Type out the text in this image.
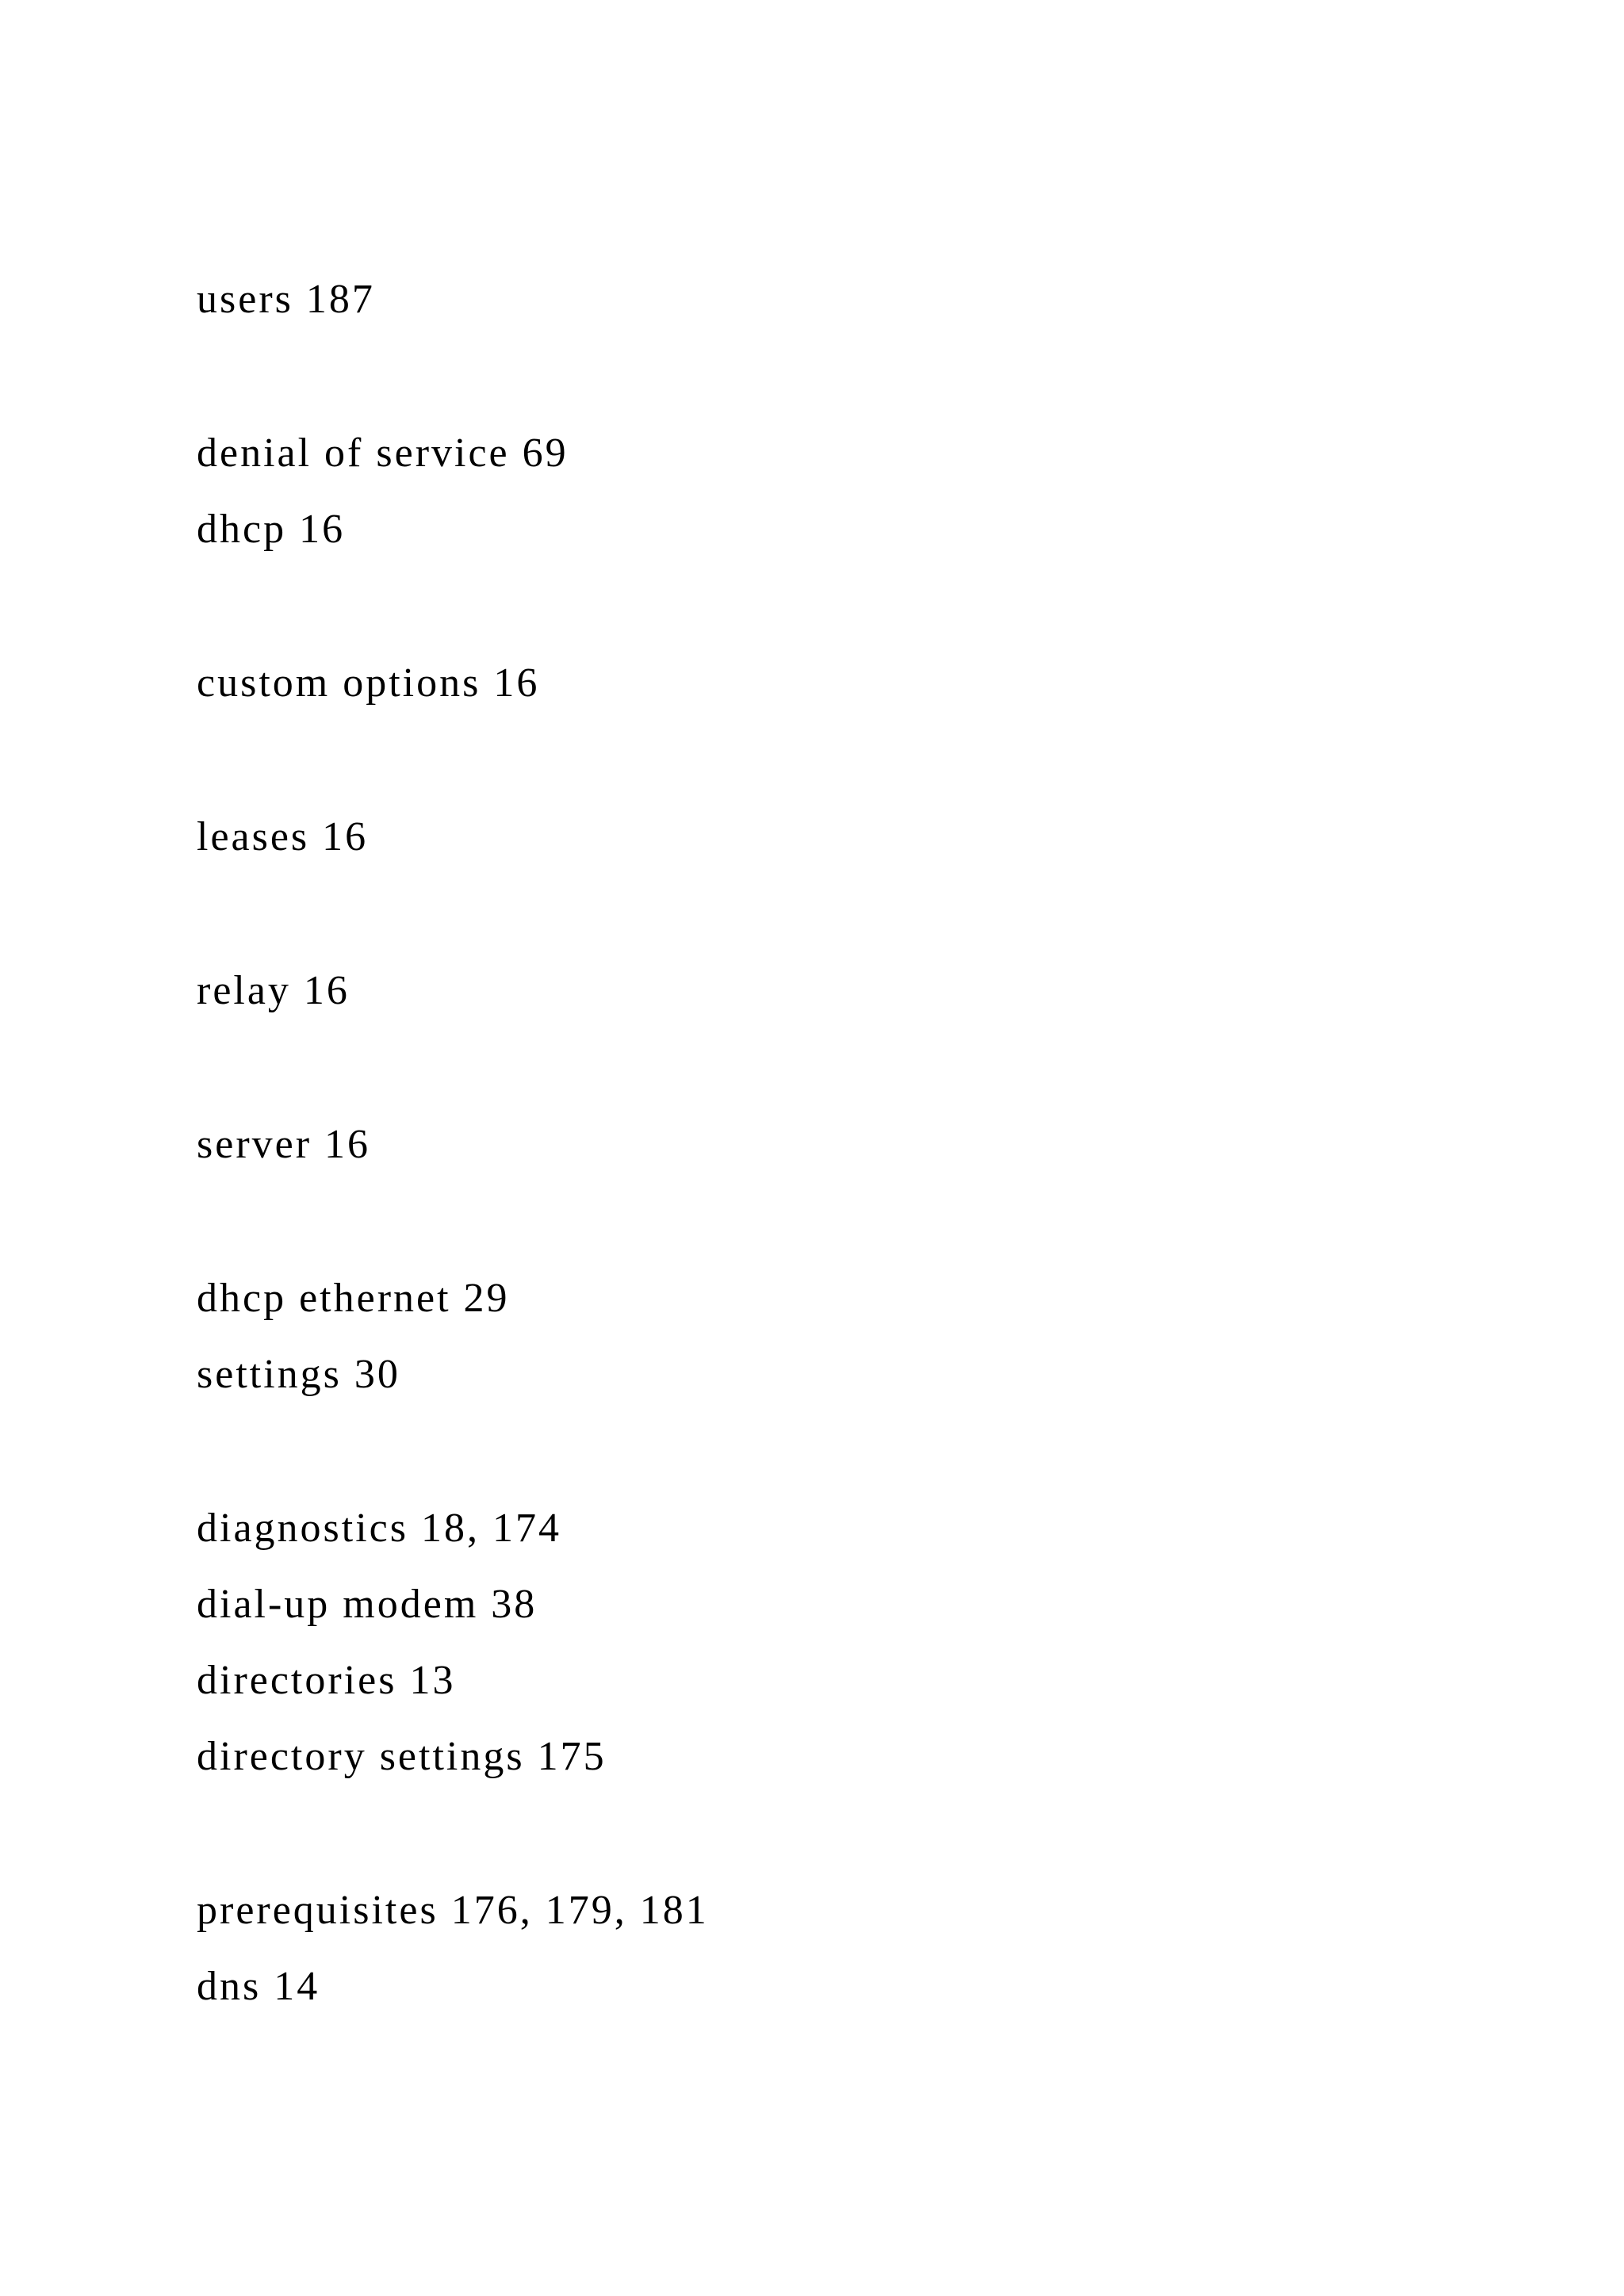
users 187

denial of service 69

dhcp 16

custom options 16

leases 16

relay 16

server 16

dhcp ethernet 29

settings 30

diagnostics 18, 174

dial-up modem 38

directories 13

directory settings 175

prerequisites 176, 179, 181

dns 14
